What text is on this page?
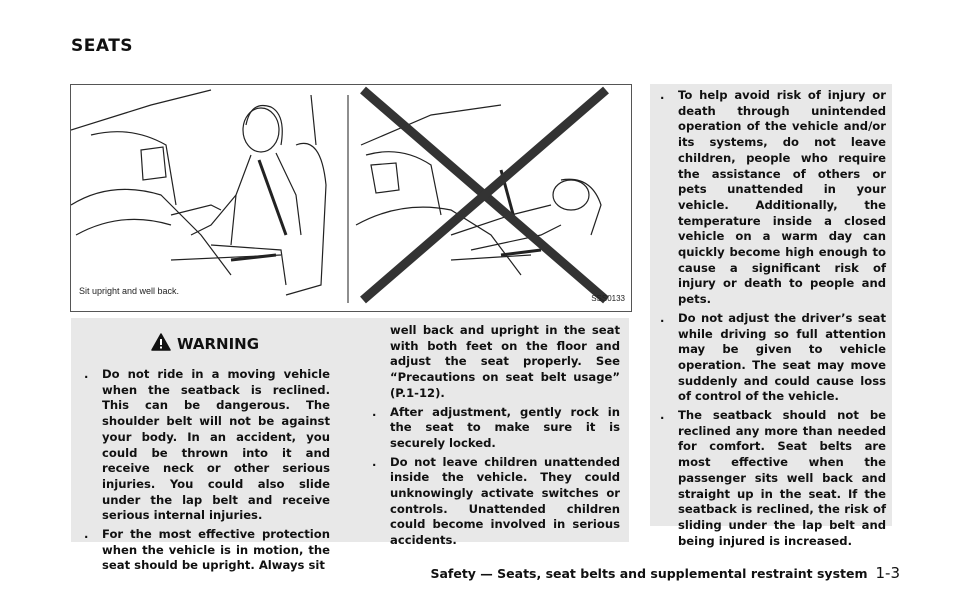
SEATS
Sit upright and well back.
SSS0133
WARNING
. Do not ride in a moving vehicle when the seatback is reclined. This can be dangerous. The shoulder belt will not be against your body. In an accident, you could be thrown into it and receive neck or other serious injuries. You could also slide under the lap belt and receive serious internal injuries.
. For the most effective protection when the vehicle is in motion, the seat should be upright. Always sit
well back and upright in the seat with both feet on the floor and adjust the seat properly. See “Precautions on seat belt usage” (P.1-12).
. After adjustment, gently rock in the seat to make sure it is securely locked.
. Do not leave children unattended inside the vehicle. They could unknowingly activate switches or controls. Unattended children could become involved in serious accidents.
. To help avoid risk of injury or death through unintended operation of the vehicle and/or its systems, do not leave children, people who require the assistance of others or pets unattended in your vehicle. Additionally, the temperature inside a closed vehicle on a warm day can quickly become high enough to cause a significant risk of injury or death to people and pets.
. Do not adjust the driver’s seat while driving so full attention may be given to vehicle operation. The seat may move suddenly and could cause loss of control of the vehicle.
. The seatback should not be reclined any more than needed for comfort. Seat belts are most effective when the passenger sits well back and straight up in the seat. If the seatback is reclined, the risk of sliding under the lap belt and being injured is increased.
Safety — Seats, seat belts and supplemental restraint system 1-3
